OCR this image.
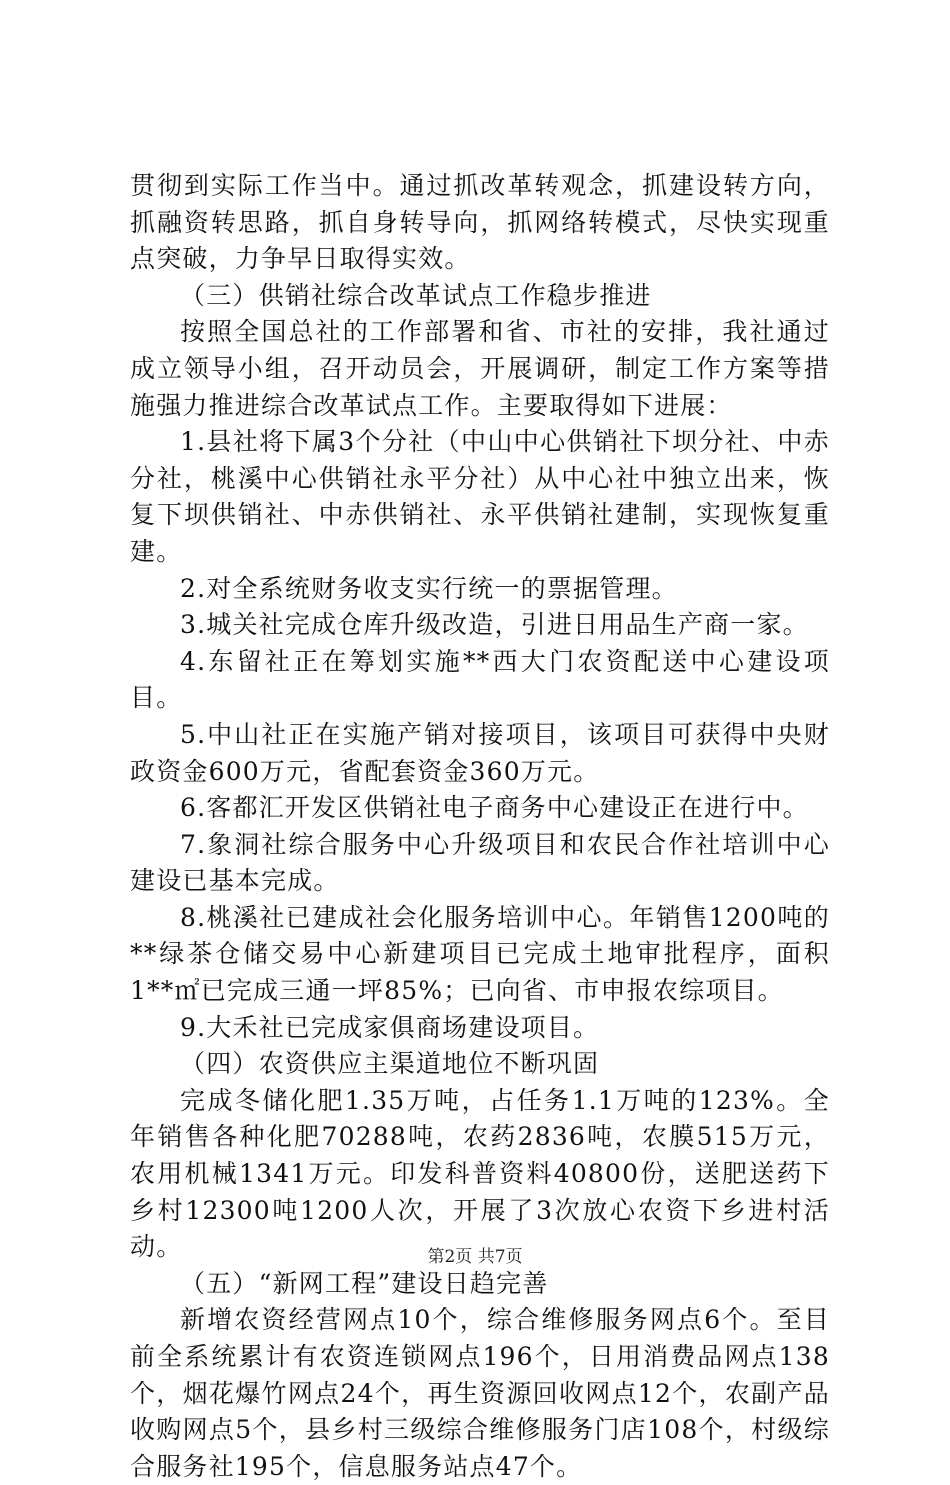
贯彻到实际工作当中。通过抓改革转观念，抓建设转方向，抓融资转思路，抓自身转导向，抓网络转模式，尽快实现重点突破，力争早日取得实效。

（三）供销社综合改革试点工作稳步推进

按照全国总社的工作部署和省、市社的安排，我社通过成立领导小组，召开动员会，开展调研，制定工作方案等措施强力推进综合改革试点工作。主要取得如下进展：

1.县社将下属3个分社（中山中心供销社下坝分社、中赤分社，桃溪中心供销社永平分社）从中心社中独立出来，恢复下坝供销社、中赤供销社、永平供销社建制，实现恢复重建。

2.对全系统财务收支实行统一的票据管理。

3.城关社完成仓库升级改造，引进日用品生产商一家。

4.东留社正在筹划实施**西大门农资配送中心建设项目。

5.中山社正在实施产销对接项目，该项目可获得中央财政资金600万元，省配套资金360万元。

6.客都汇开发区供销社电子商务中心建设正在进行中。

7.象洞社综合服务中心升级项目和农民合作社培训中心建设已基本完成。

8.桃溪社已建成社会化服务培训中心。年销售1200吨的**绿茶仓储交易中心新建项目已完成土地审批程序，面积1**㎡已完成三通一坪85%；已向省、市申报农综项目。

9.大禾社已完成家俱商场建设项目。

（四）农资供应主渠道地位不断巩固

完成冬储化肥1.35万吨，占任务1.1万吨的123%。全年销售各种化肥70288吨，农药2836吨，农膜515万元，农用机械1341万元。印发科普资料40800份，送肥送药下乡村12300吨1200人次，开展了3次放心农资下乡进村活动。

（五）“新网工程”建设日趋完善

新增农资经营网点10个，综合维修服务网点6个。至目前全系统累计有农资连锁网点196个，日用消费品网点138个，烟花爆竹网点24个，再生资源回收网点12个，农副产品收购网点5个，县乡村三级综合维修服务门店108个，村级综合服务社195个，信息服务站点47个。

第2页 共7页
